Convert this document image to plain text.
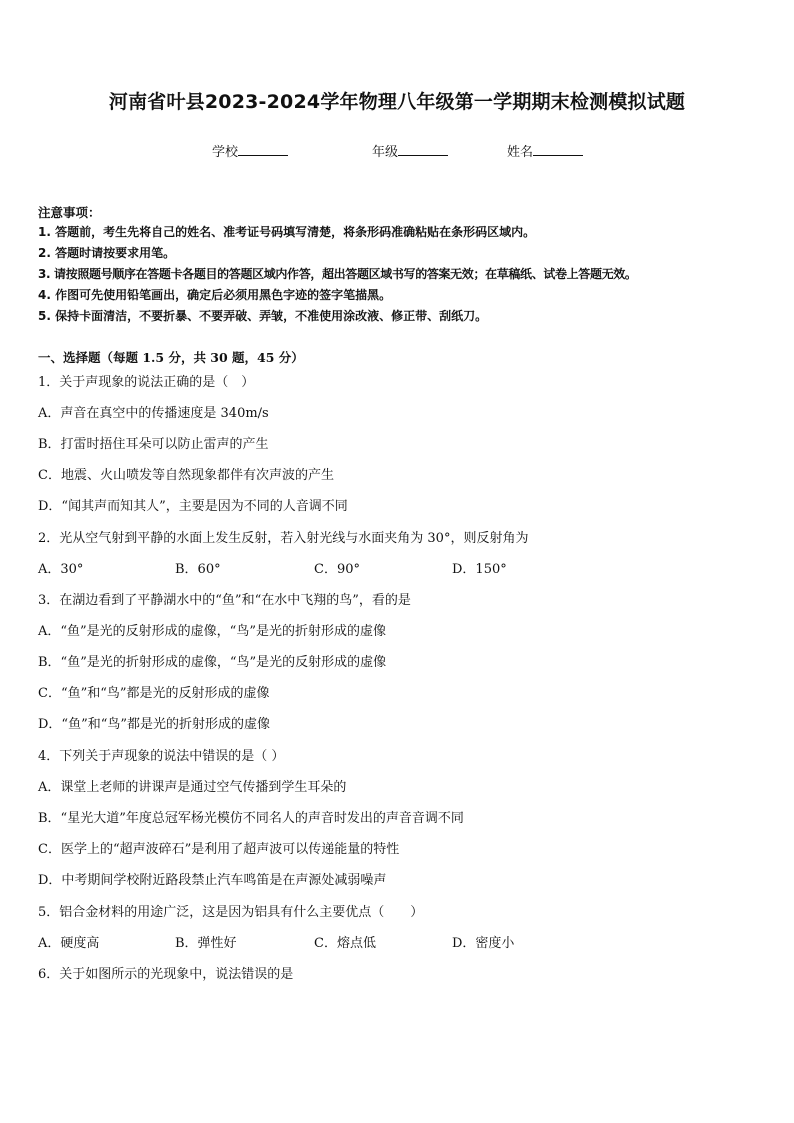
河南省叶县2023-2024学年物理八年级第一学期期末检测模拟试题
学校	年级	姓名
注意事项：
1. 答题前，考生先将自己的姓名、准考证号码填写清楚，将条形码准确粘贴在条形码区域内。
2. 答题时请按要求用笔。
3. 请按照题号顺序在答题卡各题目的答题区域内作答，超出答题区域书写的答案无效；在草稿纸、试卷上答题无效。
4. 作图可先使用铅笔画出，确定后必须用黑色字迹的签字笔描黑。
5. 保持卡面清洁，不要折暴、不要弄破、弄皱，不准使用涂改液、修正带、刮纸刀。
一、选择题（每题 1.5 分，共 30 题，45 分）
1．关于声现象的说法正确的是（　）
A．声音在真空中的传播速度是 340m/s
B．打雷时捂住耳朵可以防止雷声的产生
C．地震、火山喷发等自然现象都伴有次声波的产生
D．“闻其声而知其人”，主要是因为不同的人音调不同
2．光从空气射到平静的水面上发生反射，若入射光线与水面夹角为 30°，则反射角为
A．30°	B．60°	C．90°	D．150°
3．在湖边看到了平静湖水中的“鱼”和“在水中飞翔的鸟”，看的是
A．“鱼”是光的反射形成的虚像，“鸟”是光的折射形成的虚像
B．“鱼”是光的折射形成的虚像，“鸟”是光的反射形成的虚像
C．“鱼”和“鸟”都是光的反射形成的虚像
D．“鱼”和“鸟”都是光的折射形成的虚像
4．下列关于声现象的说法中错误的是（ ）
A．课堂上老师的讲课声是通过空气传播到学生耳朵的
B．“星光大道”年度总冠军杨光模仿不同名人的声音时发出的声音音调不同
C．医学上的“超声波碎石”是利用了超声波可以传递能量的特性
D．中考期间学校附近路段禁止汽车鸣笛是在声源处减弱噪声
5．铝合金材料的用途广泛，这是因为铝具有什么主要优点（　　）
A．硬度高	B．弹性好	C．熔点低	D．密度小
6．关于如图所示的光现象中，说法错误的是
